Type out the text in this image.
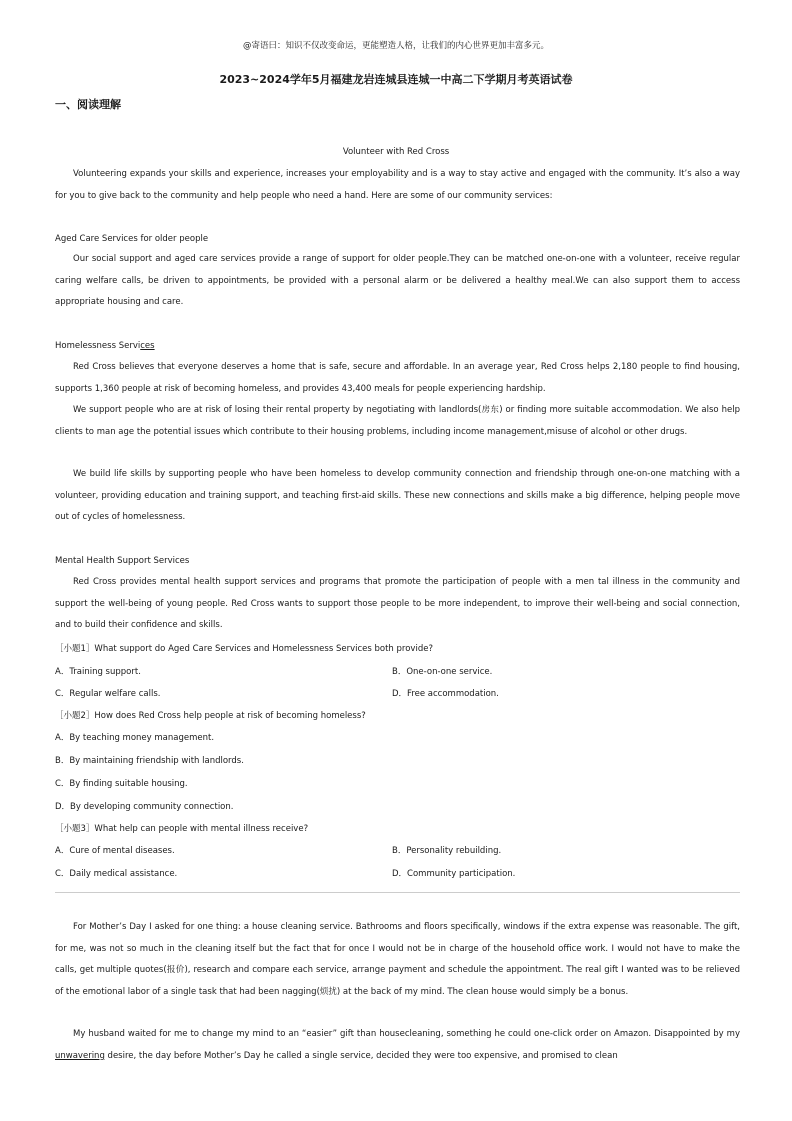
@寄语曰：知识不仅改变命运，更能塑造人格，让我们的内心世界更加丰富多元。
2023~2024学年5月福建龙岩连城县连城一中高二下学期月考英语试卷
一、阅读理解
Volunteer with Red Cross

Volunteering expands your skills and experience, increases your employability and is a way to stay active and engaged with the community. It’s also a way for you to give back to the community and help people who need a hand. Here are some of our community services:

Aged Care Services for older people

Our social support and aged care services provide a range of support for older people.They can be matched one-on-one with a volunteer, receive regular caring welfare calls, be driven to appointments, be provided with a personal alarm or be delivered a healthy meal.We can also support them to access appropriate housing and care.

Homelessness Services

Red Cross believes that everyone deserves a home that is safe, secure and affordable. In an average year, Red Cross helps 2,180 people to find housing, supports 1,360 people at risk of becoming homeless, and provides 43,400 meals for people experiencing hardship.

We support people who are at risk of losing their rental property by negotiating with landlords(房东) or finding more suitable accommodation. We also help clients to man age the potential issues which contribute to their housing problems, including income management,misuse of alcohol or other drugs.

We build life skills by supporting people who have been homeless to develop community connection and friendship through one-on-one matching with a volunteer, providing education and training support, and teaching first-aid skills. These new connections and skills make a big difference, helping people move out of cycles of homelessness.

Mental Health Support Services

Red Cross provides mental health support services and programs that promote the participation of people with a men tal illness in the community and support the well-being of young people. Red Cross wants to support those people to be more independent, to improve their well-being and social connection, and to build their confidence and skills.

［小题1］What support do Aged Care Services and Homelessness Services both provide?
A．Training support.	B．One-on-one service.
C．Regular welfare calls.	D．Free accommodation.
［小题2］How does Red Cross help people at risk of becoming homeless?
A．By teaching money management.
B．By maintaining friendship with landlords.
C．By finding suitable housing.
D．By developing community connection.
［小题3］What help can people with mental illness receive?
A．Cure of mental diseases.	B．Personality rebuilding.
C．Daily medical assistance.	D．Community participation.

For Mother’s Day I asked for one thing: a house cleaning service. Bathrooms and floors specifically, windows if the extra expense was reasonable. The gift, for me, was not so much in the cleaning itself but the fact that for once I would not be in charge of the household office work. I would not have to make the calls, get multiple quotes(报价), research and compare each service, arrange payment and schedule the appointment. The real gift I wanted was to be relieved of the emotional labor of a single task that had been nagging(烦扰) at the back of my mind. The clean house would simply be a bonus.

My husband waited for me to change my mind to an “easier” gift than housecleaning, something he could one-click order on Amazon. Disappointed by my unwavering desire, the day before Mother’s Day he called a single service, decided they were too expensive, and promised to clean
